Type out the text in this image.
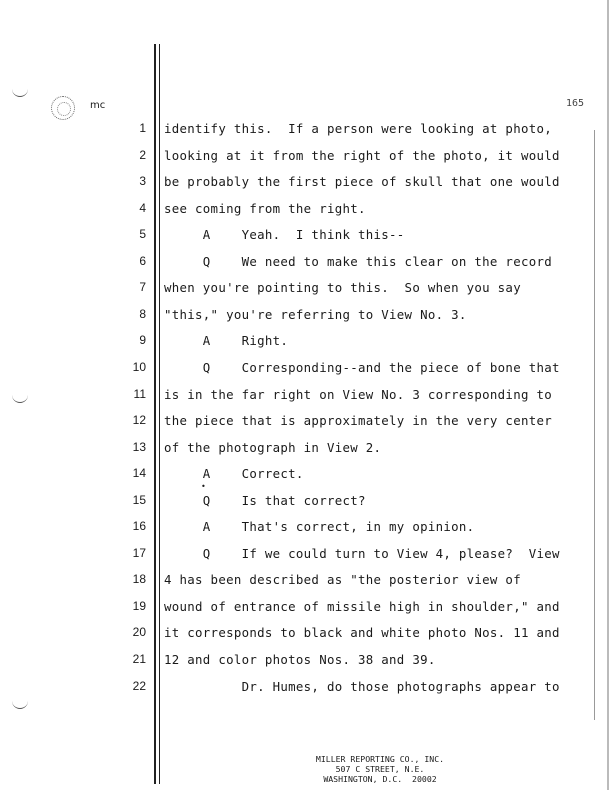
mc	165
•
1 identify this.  If a person were looking at photo,
2 looking at it from the right of the photo, it would
3 be probably the first piece of skull that one would
4 see coming from the right.
5 A    Yeah.  I think this--
6 Q    We need to make this clear on the record
7 when you're pointing to this.  So when you say
8 "this," you're referring to View No. 3.
9 A    Right.
10 Q    Corresponding--and the piece of bone that
11 is in the far right on View No. 3 corresponding to
12 the piece that is approximately in the very center
13 of the photograph in View 2.
14 A    Correct.
15 Q    Is that correct?
16 A    That's correct, in my opinion.
17 Q    If we could turn to View 4, please?  View
18 4 has been described as "the posterior view of
19 wound of entrance of missile high in shoulder," and
20 it corresponds to black and white photo Nos. 11 and
21 12 and color photos Nos. 38 and 39.
22 Dr. Humes, do those photographs appear to
MILLER REPORTING CO., INC.
507 C STREET, N.E.
WASHINGTON, D.C.  20002
